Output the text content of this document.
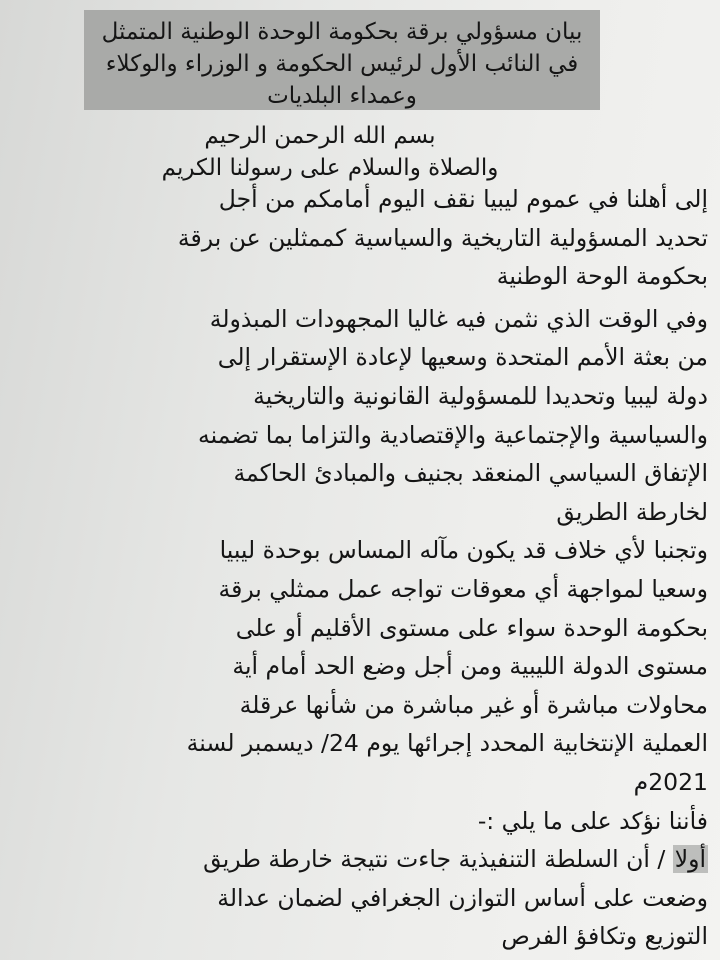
بيان مسؤولي برقة بحكومة الوحدة الوطنية المتمثل
في النائب الأول لرئيس الحكومة و الوزراء والوكلاء
وعمداء البلديات
بسم الله الرحمن الرحيم
والصلاة والسلام على رسولنا الكريم
إلى أهلنا في عموم ليبيا نقف اليوم أمامكم من أجل
تحديد المسؤولية التاريخية والسياسية كممثلين عن برقة
بحكومة الوحة الوطنية
وفي الوقت الذي نثمن فيه غاليا المجهودات المبذولة
من بعثة الأمم المتحدة وسعيها لإعادة الإستقرار إلى
دولة ليبيا وتحديدا للمسؤولية القانونية والتاريخية
والسياسية والإجتماعية والإقتصادية والتزاما بما تضمنه
الإتفاق السياسي المنعقد بجنيف والمبادئ الحاكمة
لخارطة الطريق
وتجنبا لأي خلاف قد يكون مآله المساس بوحدة ليبيا
وسعيا لمواجهة أي معوقات تواجه عمل ممثلي برقة
بحكومة الوحدة سواء على مستوى الأقليم أو على
مستوى الدولة الليبية ومن أجل وضع الحد أمام أية
محاولات مباشرة أو غير مباشرة من شأنها عرقلة
العملية الإنتخابية المحدد إجرائها يوم 24/ ديسمبر لسنة
2021م
فأننا نؤكد على ما يلي :-
أولا / أن السلطة التنفيذية جاءت نتيجة خارطة طريق
وضعت على أساس التوازن الجغرافي لضمان عدالة
التوزيع وتكافؤ الفرص
